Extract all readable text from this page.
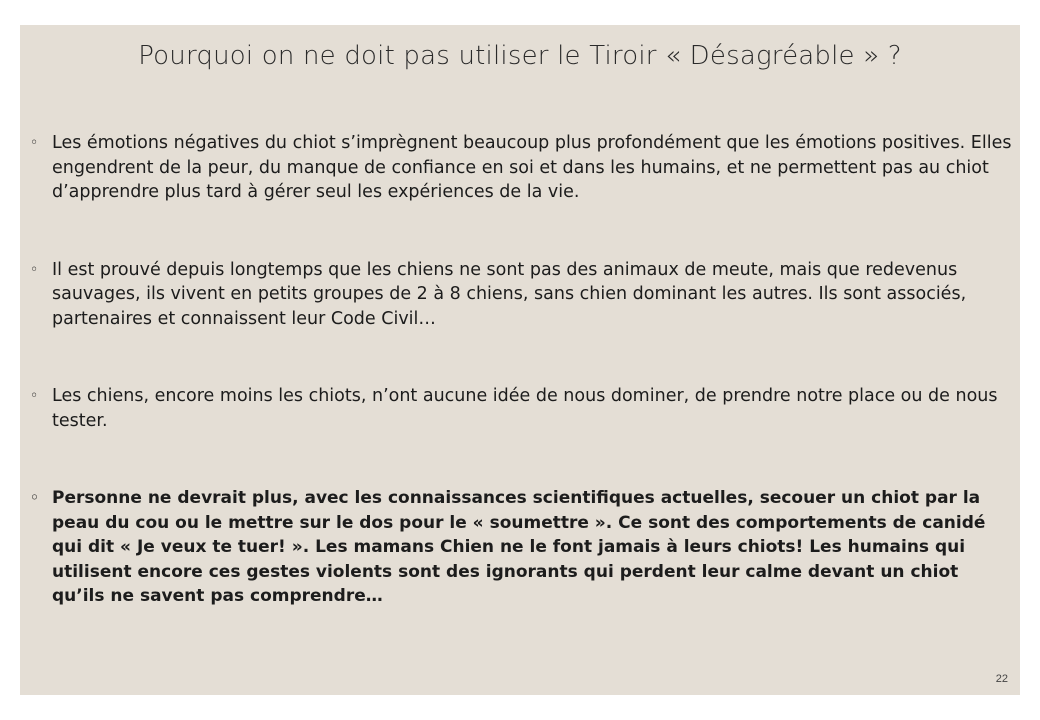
Pourquoi on ne doit pas utiliser le Tiroir « Désagréable » ?
◦ Les émotions négatives du chiot s’imprègnent beaucoup plus profondément que les émotions positives. Elles engendrent de la peur, du manque de confiance en soi et dans les humains, et ne permettent pas au chiot d’apprendre plus tard à gérer seul les expériences de la vie.
◦ Il est prouvé depuis longtemps que les chiens ne sont pas des animaux de meute, mais que redevenus sauvages, ils vivent en petits groupes de 2 à 8 chiens, sans chien dominant les autres. Ils sont associés, partenaires et connaissent leur Code Civil…
◦ Les chiens, encore moins les chiots, n’ont aucune idée de nous dominer, de prendre notre place ou de nous tester.
◦ Personne ne devrait plus, avec les connaissances scientifiques actuelles, secouer un chiot par la peau du cou ou le mettre sur le dos pour le « soumettre ». Ce sont des comportements de canidé qui dit « Je veux te tuer! ». Les mamans Chien ne le font jamais à leurs chiots! Les humains qui utilisent encore ces gestes violents sont des ignorants qui perdent leur calme devant un chiot qu’ils ne savent pas comprendre…
22
